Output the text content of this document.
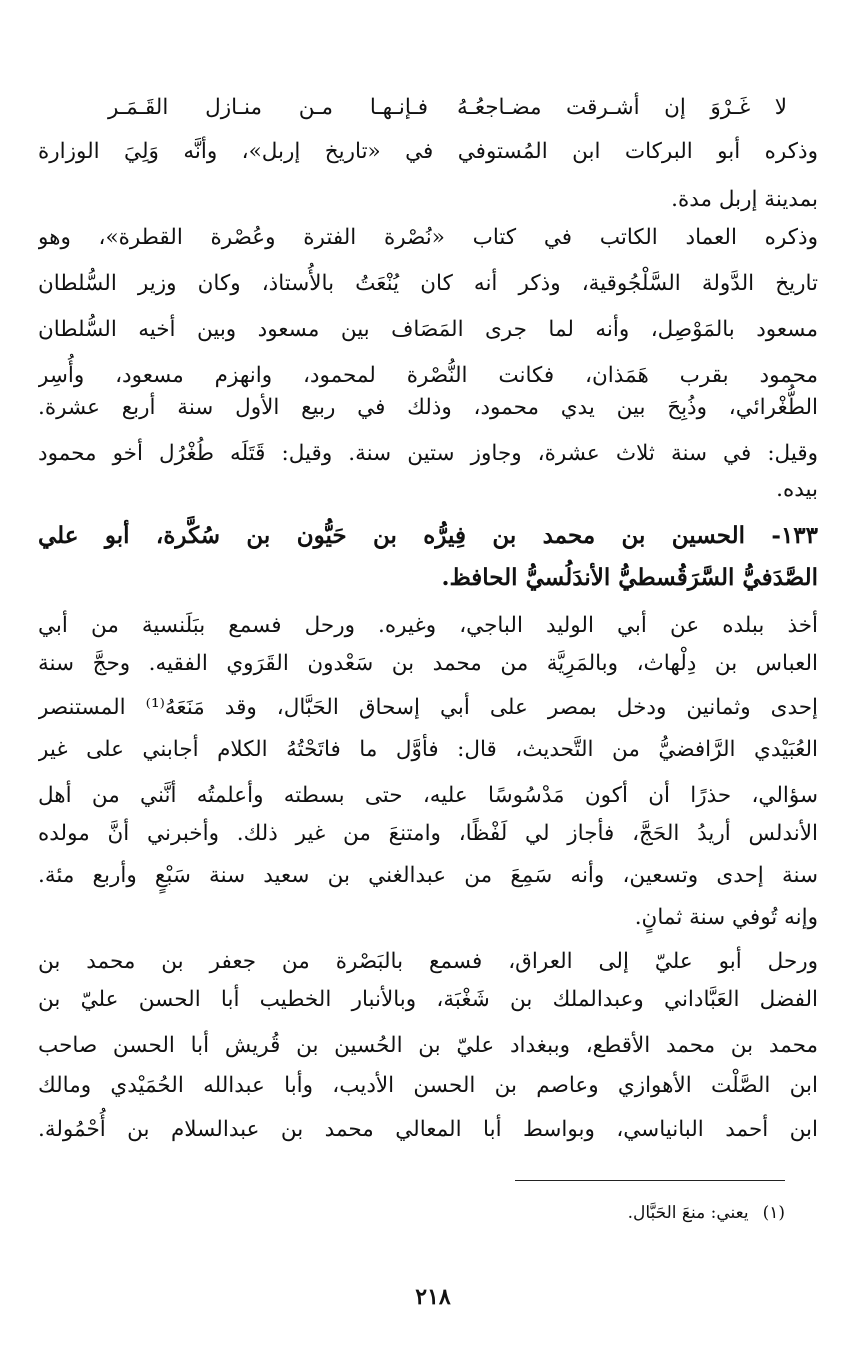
لا غَـرْوَ إن أشـرقت مضـاجعُـهُ
فـإنـهـا مـن منـازل القَـمَـر
وذكره أبو البركات ابن المُستوفي في «تاريخ إربل»، وأنَّه وَلِيَ الوزارة
بمدينة إربل مدة.
وذكره العماد الكاتب في كتاب «نُصْرة الفترة وعُصْرة القطرة»، وهو
تاريخ الدَّولة السَّلْجُوقية، وذكر أنه كان يُنْعَتُ بالأُستاذ، وكان وزير السُّلطان
مسعود بالمَوْصِل، وأنه لما جرى المَصَاف بين مسعود وبين أخيه السُّلطان
محمود بقرب هَمَذان، فكانت النُّصْرة لمحمود، وانهزم مسعود، وأُسِر
الطُّغْرائي، وذُبِحَ بين يدي محمود، وذلك في ربيع الأول سنة أربع عشرة.
وقيل: في سنة ثلاث عشرة، وجاوز ستين سنة. وقيل: قَتَلَه طُغْرُل أخو محمود
بيده.
١٣٣- الحسين بن محمد بن فِيرُّه بن حَيُّون بن سُكَّرة، أبو علي
الصَّدَفيُّ السَّرَقُسطيُّ الأندَلُسيُّ الحافظ.
أخذ ببلده عن أبي الوليد الباجي، وغيره. ورحل فسمع ببَلَنسية من أبي
العباس بن دِلْهاث، وبالمَرِيَّة من محمد بن سَعْدون القَرَوي الفقيه. وحجَّ سنة
إحدى وثمانين ودخل بمصر على أبي إسحاق الحَبَّال، وقد مَنَعَهُ⁽¹⁾ المستنصر
العُبَيْدي الرَّافضيُّ من التَّحديث، قال: فأوَّل ما فاتَحْتُهُ الكلام أجابني على غير
سؤالي، حذرًا أن أكون مَدْسُوسًا عليه، حتى بسطته وأعلمتُه أنَّني من أهل
الأندلس أريدُ الحَجَّ، فأجاز لي لَفْظًا، وامتنعَ من غير ذلك. وأخبرني أنَّ مولده
سنة إحدى وتسعين، وأنه سَمِعَ من عبدالغني بن سعيد سنة سَبْعٍ وأربع مئة.
وإنه تُوفي سنة ثمانٍ.
ورحل أبو عليّ إلى العراق، فسمع بالبَصْرة من جعفر بن محمد بن
الفضل العَبَّاداني وعبدالملك بن شَغْبَة، وبالأنبار الخطيب أبا الحسن عليّ بن
محمد بن محمد الأقطع، وببغداد عليّ بن الحُسين بن قُريش أبا الحسن صاحب
ابن الصَّلْت الأهوازي وعاصم بن الحسن الأديب، وأبا عبدالله الحُمَيْدي ومالك
ابن أحمد البانياسي، وبواسط أبا المعالي محمد بن عبدالسلام بن أُحْمُولة.
(١)يعني: منعَ الحَبَّال.
٢١٨
